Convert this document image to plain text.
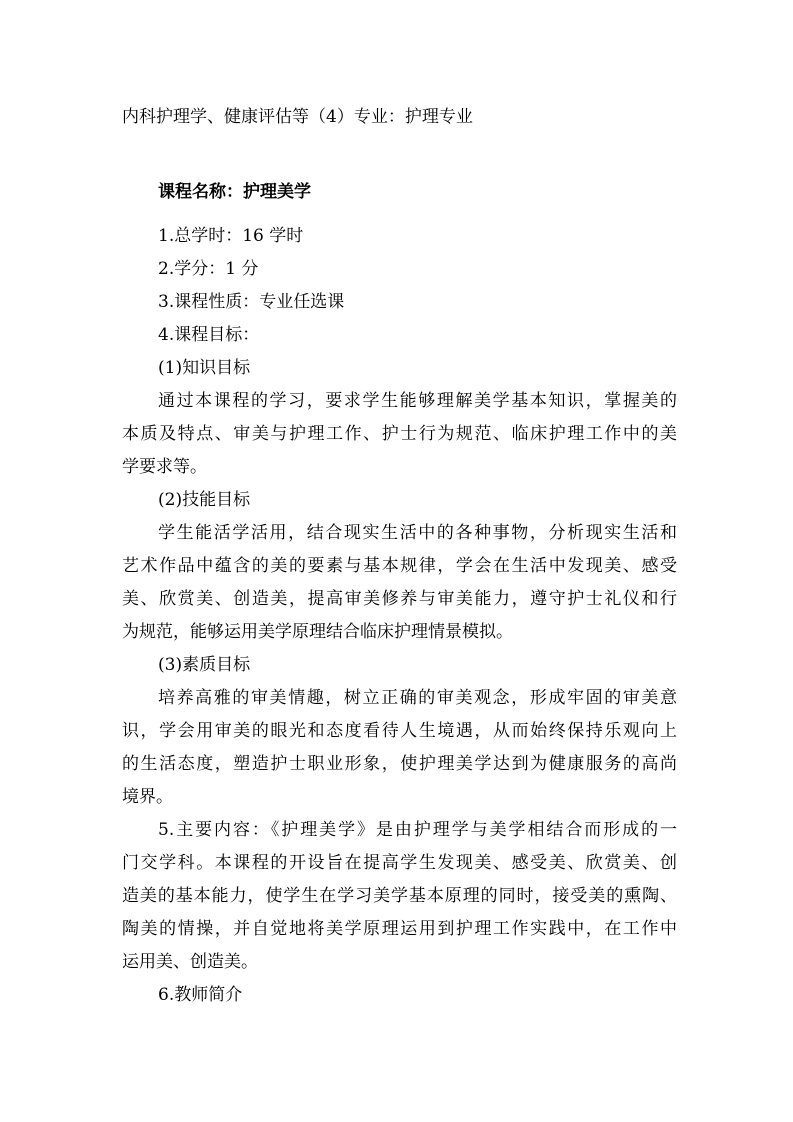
内科护理学、健康评估等（4）专业：护理专业
课程名称：护理美学
1.总学时：16 学时
2.学分：1 分
3.课程性质：专业任选课
4.课程目标：
(1)知识目标
通过本课程的学习，要求学生能够理解美学基本知识，掌握美的
本质及特点、审美与护理工作、护士行为规范、临床护理工作中的美
学要求等。
(2)技能目标
学生能活学活用，结合现实生活中的各种事物，分析现实生活和
艺术作品中蕴含的美的要素与基本规律，学会在生活中发现美、感受
美、欣赏美、创造美，提高审美修养与审美能力，遵守护士礼仪和行
为规范，能够运用美学原理结合临床护理情景模拟。
(3)素质目标
培养高雅的审美情趣，树立正确的审美观念，形成牢固的审美意
识，学会用审美的眼光和态度看待人生境遇，从而始终保持乐观向上
的生活态度，塑造护士职业形象，使护理美学达到为健康服务的高尚
境界。
5.主要内容：《护理美学》是由护理学与美学相结合而形成的一
门交学科。本课程的开设旨在提高学生发现美、感受美、欣赏美、创
造美的基本能力，使学生在学习美学基本原理的同时，接受美的熏陶、
陶美的情操，并自觉地将美学原理运用到护理工作实践中，在工作中
运用美、创造美。
6.教师简介
